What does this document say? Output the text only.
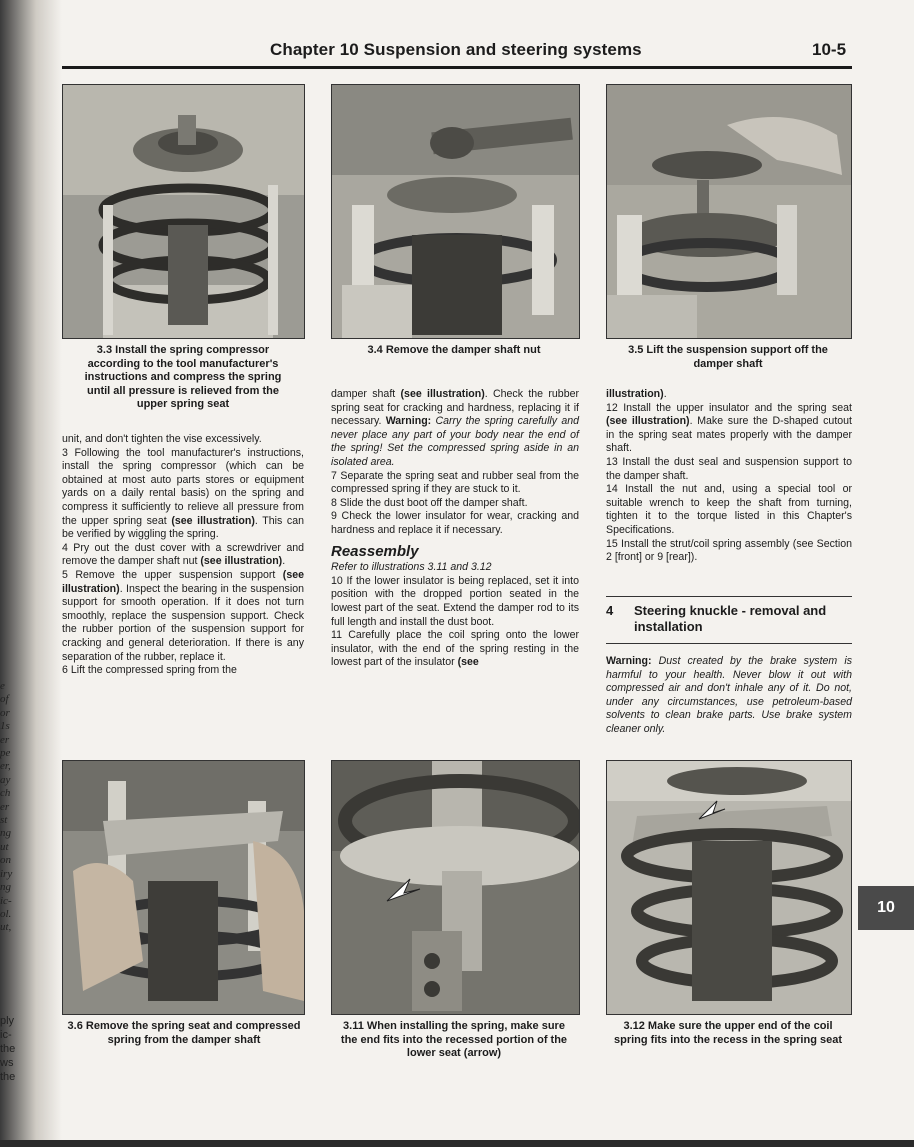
e
of
or
1s
er
pe
er,
ay
ch
er
st
ng
ut
on
iry
ng
ic-
ol.
ut,
ply
ic-
the
ws
the
Chapter 10 Suspension and steering systems	10-5
3.3 Install the spring compressor according to the tool manufacturer's instructions and compress the spring until all pressure is relieved from the upper spring seat
3.4 Remove the damper shaft nut	3.5 Lift the suspension support off the damper shaft

unit, and don't tighten the vise excessively.

3 Following the tool manufacturer's instructions, install the spring compressor (which can be obtained at most auto parts stores or equipment yards on a daily rental basis) on the spring and compress it sufficiently to relieve all pressure from the upper spring seat (see illustration). This can be verified by wiggling the spring.

4 Pry out the dust cover with a screwdriver and remove the damper shaft nut (see illustration).

5 Remove the upper suspension support (see illustration). Inspect the bearing in the suspension support for smooth operation. If it does not turn smoothly, replace the suspension support. Check the rubber portion of the suspension support for cracking and general deterioration. If there is any separation of the rubber, replace it.

6 Lift the compressed spring from the

damper shaft (see illustration). Check the rubber spring seat for cracking and hardness, replacing it if necessary. Warning: Carry the spring carefully and never place any part of your body near the end of the spring! Set the compressed spring aside in an isolated area.

7 Separate the spring seat and rubber seal from the compressed spring if they are stuck to it.

8 Slide the dust boot off the damper shaft.

9 Check the lower insulator for wear, cracking and hardness and replace it if necessary.

Reassembly

Refer to illustrations 3.11 and 3.12

10 If the lower insulator is being replaced, set it into position with the dropped portion seated in the lowest part of the seat. Extend the damper rod to its full length and install the dust boot.

11 Carefully place the coil spring onto the lower insulator, with the end of the spring resting in the lowest part of the insulator (see

illustration).

12 Install the upper insulator and the spring seat (see illustration). Make sure the D-shaped cutout in the spring seat mates properly with the damper shaft.

13 Install the dust seal and suspension support to the damper shaft.

14 Install the nut and, using a special tool or suitable wrench to keep the shaft from turning, tighten it to the torque listed in this Chapter's Specifications.

15 Install the strut/coil spring assembly (see Section 2 [front] or 9 [rear]).

4 Steering knuckle - removal and installation

Warning: Dust created by the brake system is harmful to your health. Never blow it out with compressed air and don't inhale any of it. Do not, under any circumstances, use petroleum-based solvents to clean brake parts. Use brake system cleaner only.

3.6 Remove the spring seat and compressed spring from the damper shaft
3.11 When installing the spring, make sure the end fits into the recessed portion of the lower seat (arrow)
3.12 Make sure the upper end of the coil spring fits into the recess in the spring seat
10
